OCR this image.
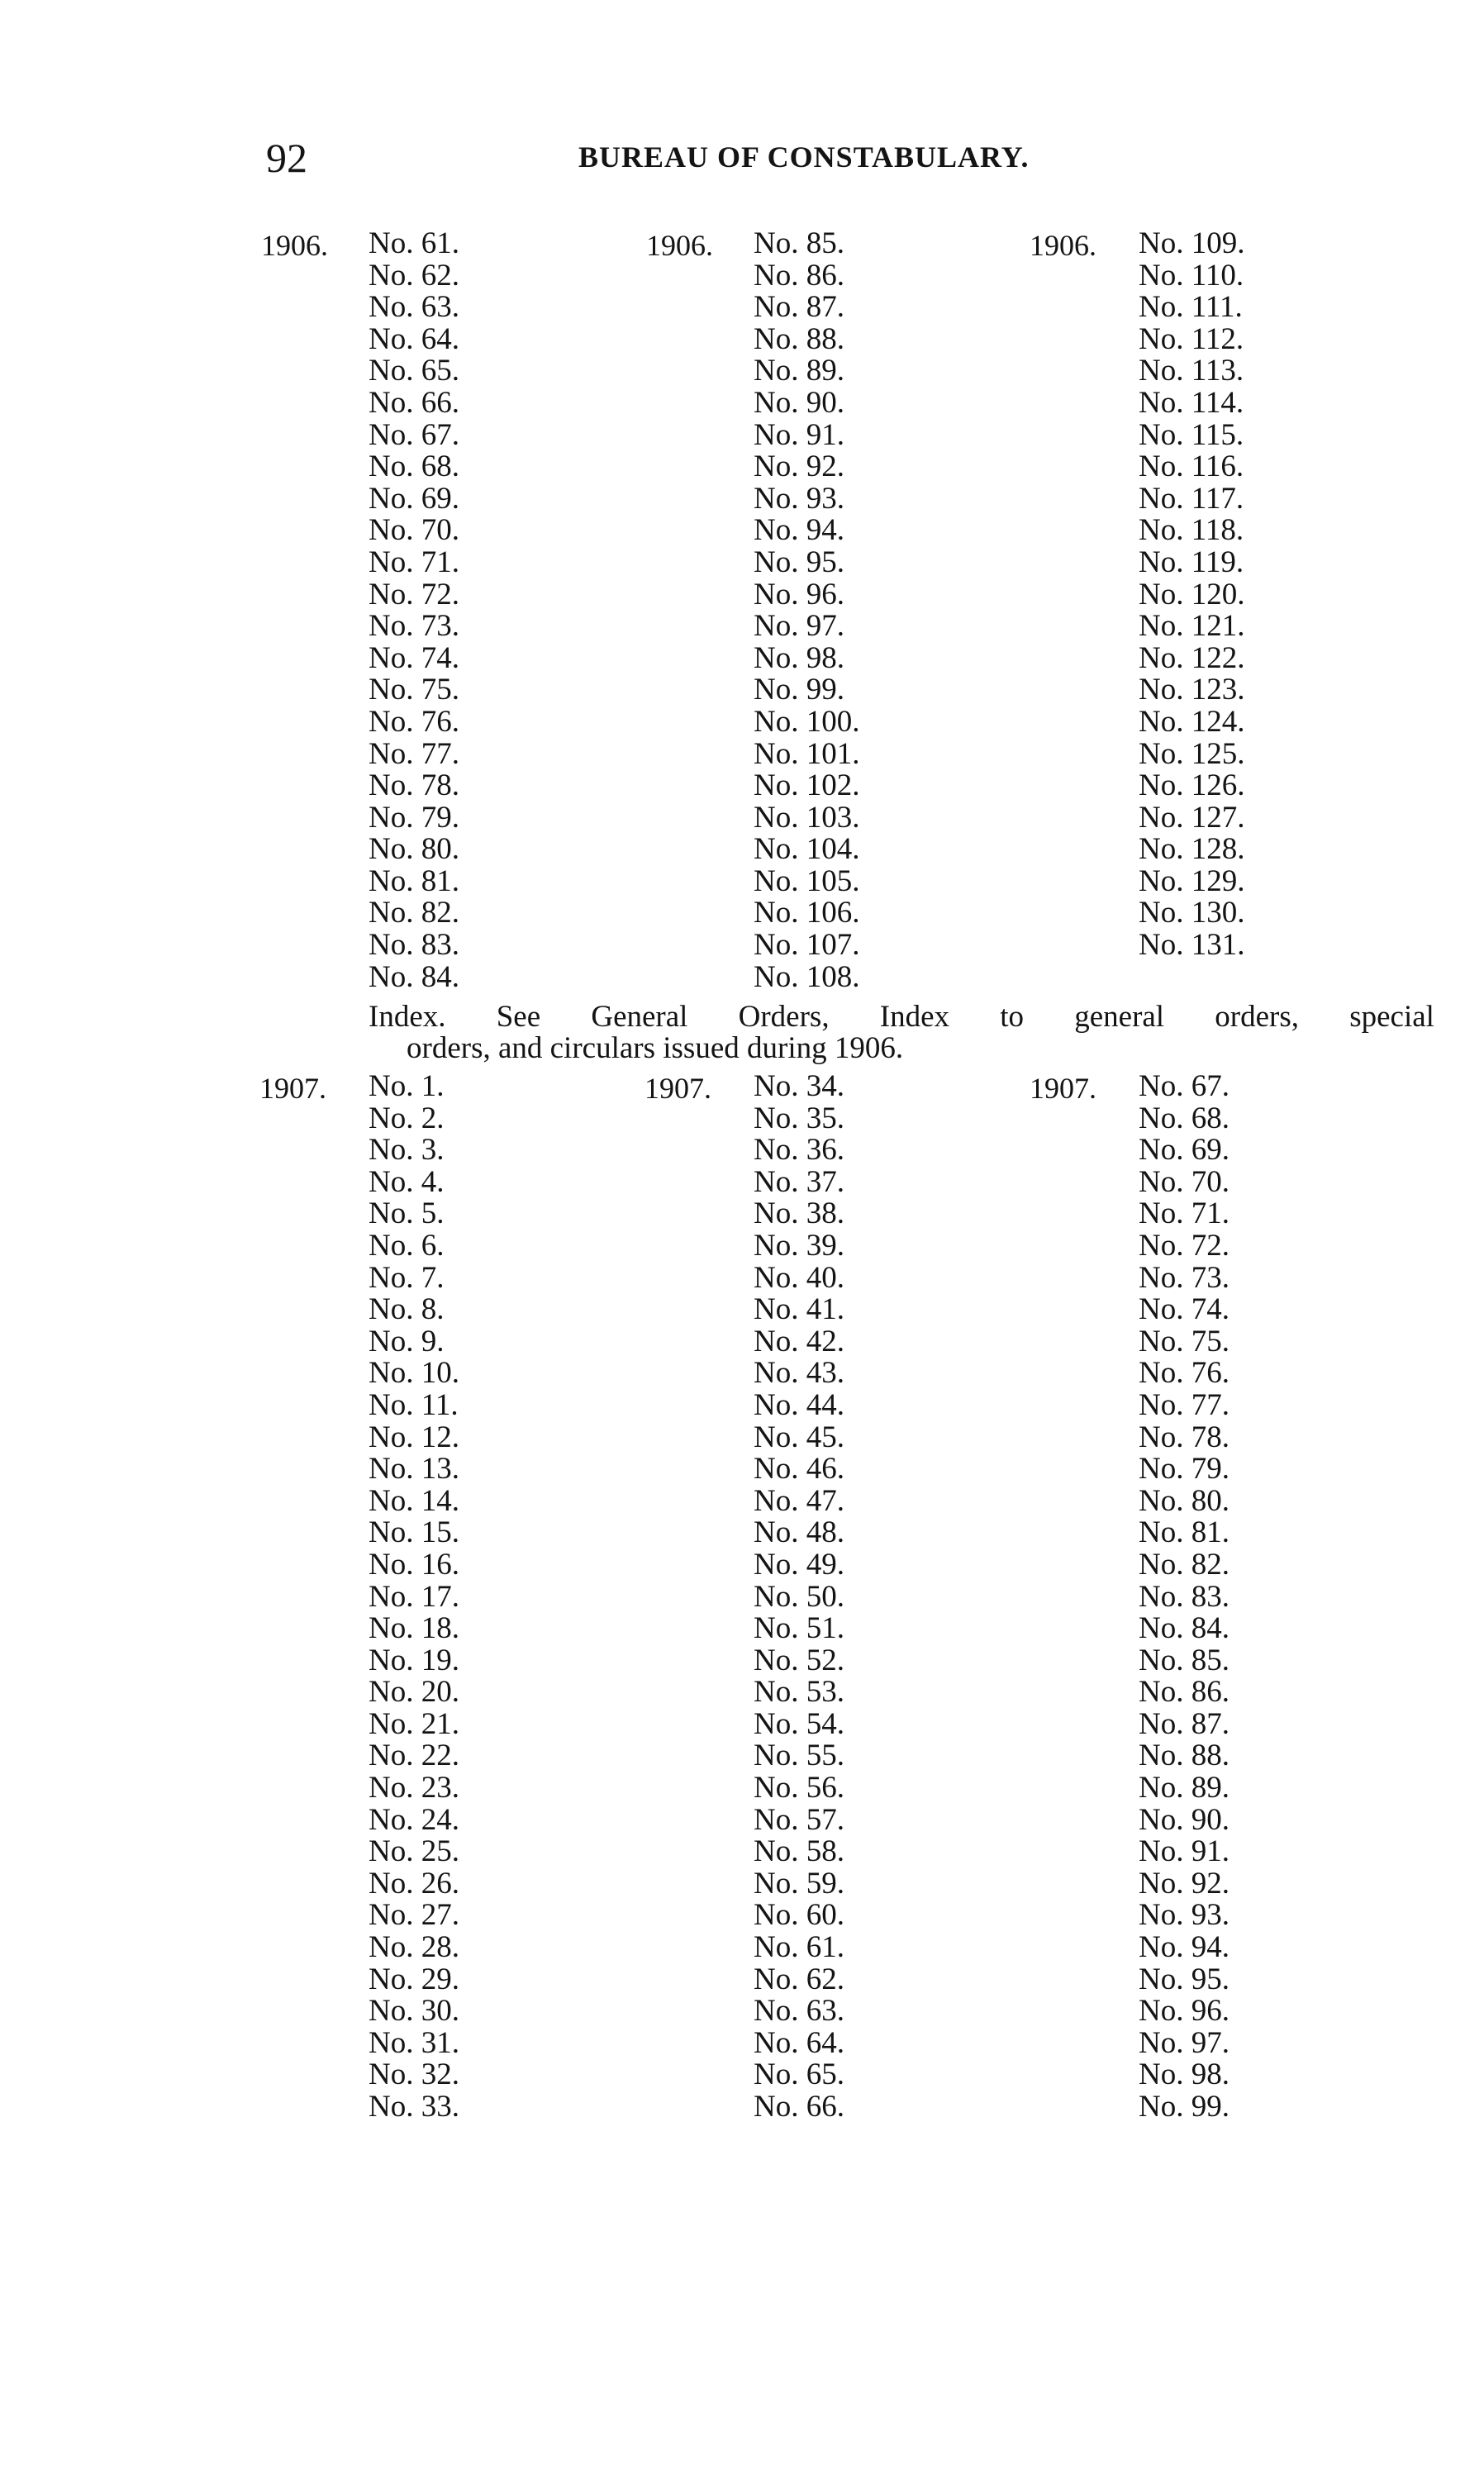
92	BUREAU OF CONSTABULARY.
1906. No. 61.
No. 62.
No. 63.
No. 64.
No. 65.
No. 66.
No. 67.
No. 68.
No. 69.
No. 70.
No. 71.
No. 72.
No. 73.
No. 74.
No. 75.
No. 76.
No. 77.
No. 78.
No. 79.
No. 80.
No. 81.
No. 82.
No. 83.
No. 84.
1906. No. 85.
No. 86.
No. 87.
No. 88.
No. 89.
No. 90.
No. 91.
No. 92.
No. 93.
No. 94.
No. 95.
No. 96.
No. 97.
No. 98.
No. 99.
No. 100.
No. 101.
No. 102.
No. 103.
No. 104.
No. 105.
No. 106.
No. 107.
No. 108.
1906. No. 109.
No. 110.
No. 111.
No. 112.
No. 113.
No. 114.
No. 115.
No. 116.
No. 117.
No. 118.
No. 119.
No. 120.
No. 121.
No. 122.
No. 123.
No. 124.
No. 125.
No. 126.
No. 127.
No. 128.
No. 129.
No. 130.
No. 131.
Index. See General Orders, Index to general orders, special
orders, and circulars issued during 1906.
1907. No. 1.
No. 2.
No. 3.
No. 4.
No. 5.
No. 6.
No. 7.
No. 8.
No. 9.
No. 10.
No. 11.
No. 12.
No. 13.
No. 14.
No. 15.
No. 16.
No. 17.
No. 18.
No. 19.
No. 20.
No. 21.
No. 22.
No. 23.
No. 24.
No. 25.
No. 26.
No. 27.
No. 28.
No. 29.
No. 30.
No. 31.
No. 32.
No. 33.
1907. No. 34.
No. 35.
No. 36.
No. 37.
No. 38.
No. 39.
No. 40.
No. 41.
No. 42.
No. 43.
No. 44.
No. 45.
No. 46.
No. 47.
No. 48.
No. 49.
No. 50.
No. 51.
No. 52.
No. 53.
No. 54.
No. 55.
No. 56.
No. 57.
No. 58.
No. 59.
No. 60.
No. 61.
No. 62.
No. 63.
No. 64.
No. 65.
No. 66.
1907. No. 67.
No. 68.
No. 69.
No. 70.
No. 71.
No. 72.
No. 73.
No. 74.
No. 75.
No. 76.
No. 77.
No. 78.
No. 79.
No. 80.
No. 81.
No. 82.
No. 83.
No. 84.
No. 85.
No. 86.
No. 87.
No. 88.
No. 89.
No. 90.
No. 91.
No. 92.
No. 93.
No. 94.
No. 95.
No. 96.
No. 97.
No. 98.
No. 99.
